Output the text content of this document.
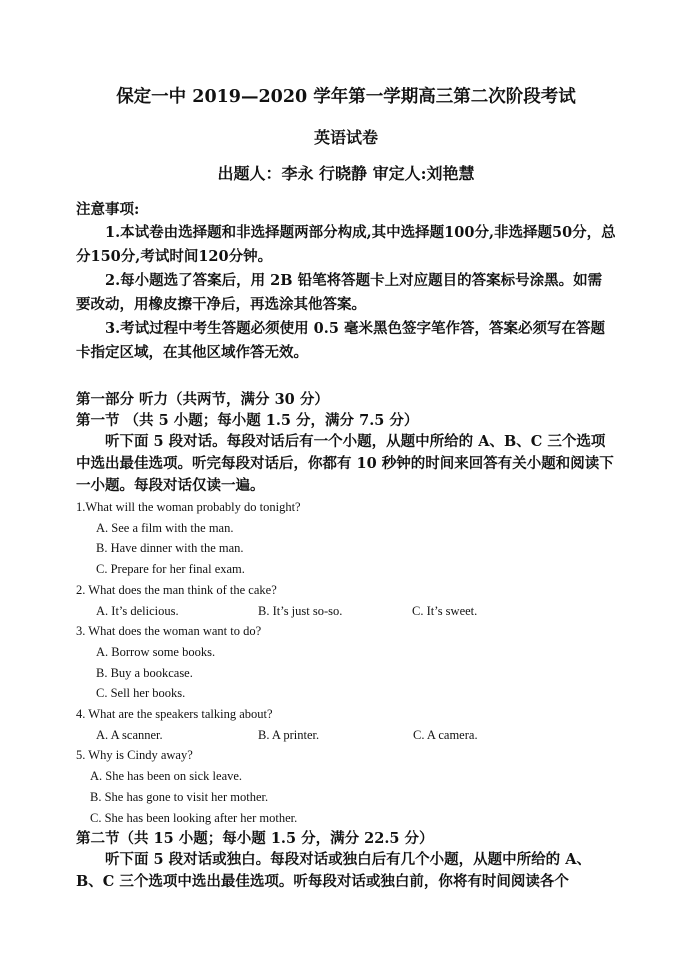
保定一中 2019—2020 学年第一学期高三第二次阶段考试

英语试卷

出题人：李永 行晓静 审定人:刘艳慧

注意事项:

1.本试卷由选择题和非选择题两部分构成,其中选择题100分,非选择题50分，总分150分,考试时间120分钟。

2.每小题选了答案后，用 2B 铅笔将答题卡上对应题目的答案标号涂黑。如需要改动，用橡皮擦干净后，再选涂其他答案。

3.考试过程中考生答题必须使用 0.5 毫米黑色签字笔作答，答案必须写在答题卡指定区域，在其他区域作答无效。

第一部分 听力（共两节，满分 30 分）

第一节 （共 5 小题；每小题 1.5 分，满分 7.5 分）

听下面 5 段对话。每段对话后有一个小题，从题中所给的 A、B、C 三个选项中选出最佳选项。听完每段对话后，你都有 10 秒钟的时间来回答有关小题和阅读下一小题。每段对话仅读一遍。

1.What will the woman probably do tonight?

A. See a film with the man.

B. Have dinner with the man.

C. Prepare for her final exam.

2. What does the man think of the cake?

A. It’s delicious.	B. It’s just so-so.	C. It’s sweet.

3. What does the woman want to do?

A. Borrow some books.

B. Buy a bookcase.

C. Sell her books.

4. What are the speakers talking about?

A. A scanner.	B. A printer.	C. A camera.

5. Why is Cindy away?

A. She has been on sick leave.

B. She has gone to visit her mother.

C. She has been looking after her mother.

第二节（共 15 小题；每小题 1.5 分，满分 22.5 分）

听下面 5 段对话或独白。每段对话或独白后有几个小题，从题中所给的 A、B、C 三个选项中选出最佳选项。听每段对话或独白前，你将有时间阅读各个
